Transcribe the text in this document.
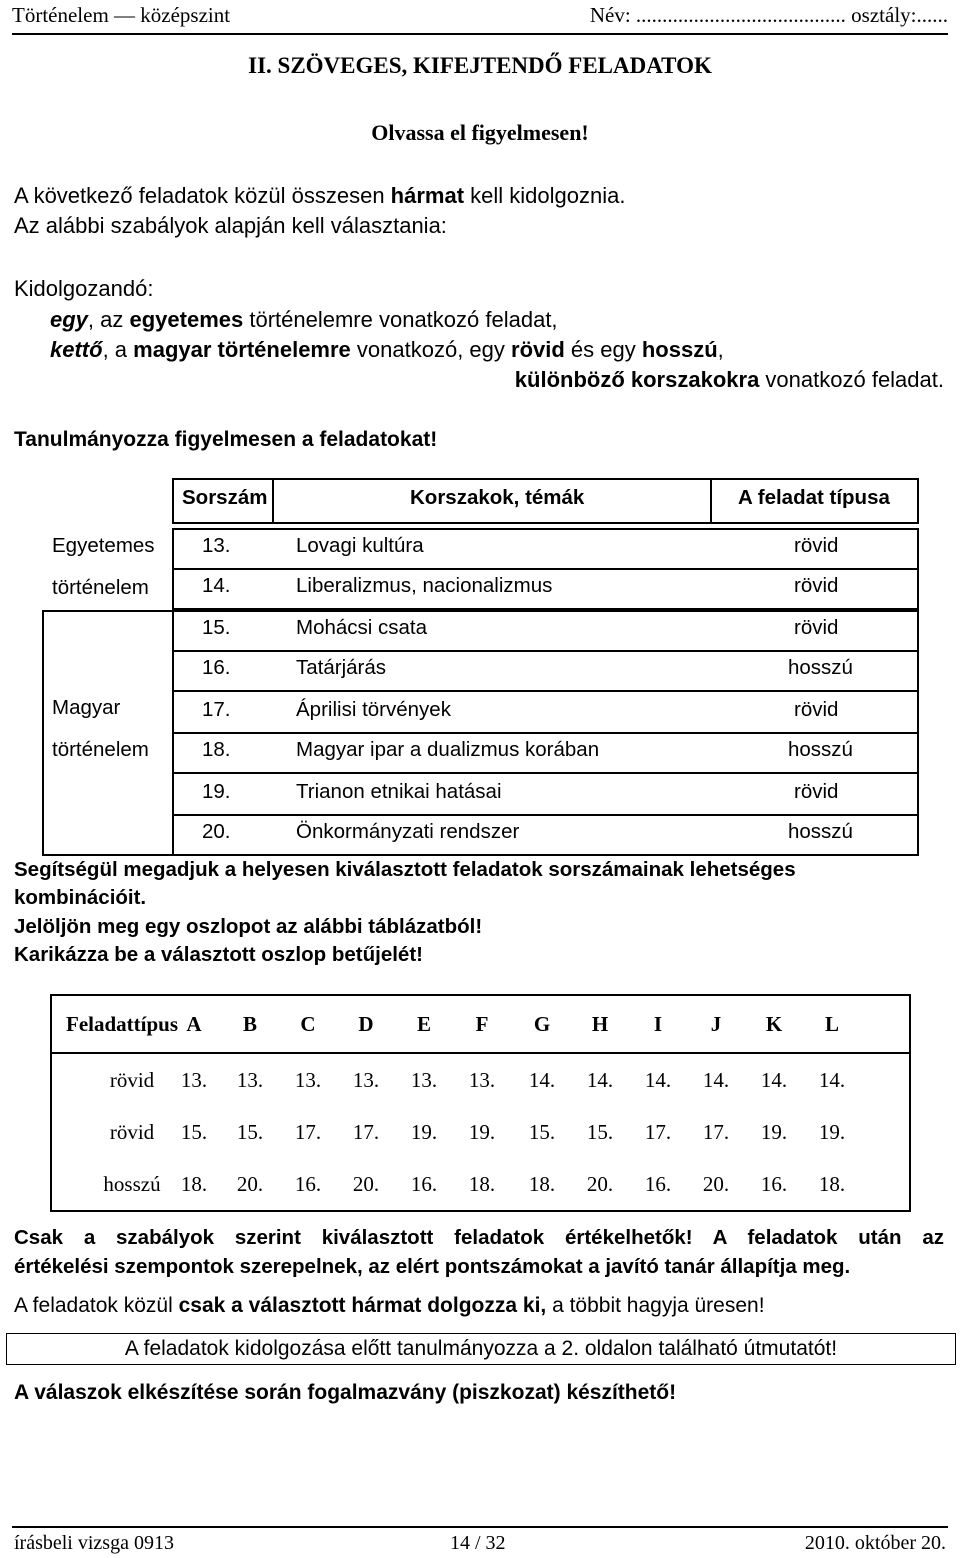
Történelem — középszint	Név: ........................................ osztály:......
II. SZÖVEGES, KIFEJTENDŐ FELADATOK
Olvassa el figyelmesen!
A következő feladatok közül összesen hármat kell kidolgoznia.
Az alábbi szabályok alapján kell választania:
Kidolgozandó:
egy, az egyetemes történelemre vonatkozó feladat,
kettő, a magyar történelemre vonatkozó, egy rövid és egy hosszú,
különböző korszakokra vonatkozó feladat.
Tanulmányozza figyelmesen a feladatokat!
Sorszám	Korszakok, témák	A feladat típusa
Egyetemes
történelem
Magyar
történelem
13.	Lovagi kultúra	rövid
14.	Liberalizmus, nacionalizmus	rövid
15.	Mohácsi csata	rövid
16.	Tatárjárás	hosszú
17.	Áprilisi törvények	rövid
18.	Magyar ipar a dualizmus korában	hosszú
19.	Trianon etnikai hatásai	rövid
20.	Önkormányzati rendszer	hosszú
Segítségül megadjuk a helyesen kiválasztott feladatok sorszámainak lehetséges
kombinációit.
Jelöljön meg egy oszlopot az alábbi táblázatból!
Karikázza be a választott oszlop betűjelét!
Feladattípus A	B	C	D	E	F	G H	I	J	K	L
rövid	13. 13. 13. 13. 13. 13. 14. 14. 14. 14. 14. 14.
rövid	15. 15. 17. 17. 19. 19. 15. 15. 17. 17. 19. 19.
hosszú 18. 20. 16. 20. 16. 18. 18. 20. 16. 20. 16. 18.
Csak a szabályok szerint kiválasztott feladatok értékelhetők! A feladatok után az
értékelési szempontok szerepelnek, az elért pontszámokat a javító tanár állapítja meg.
A feladatok közül csak a választott hármat dolgozza ki, a többit hagyja üresen!
A feladatok kidolgozása előtt tanulmányozza a 2. oldalon található útmutatót!
A válaszok elkészítése során fogalmazvány (piszkozat) készíthető!
írásbeli vizsga 0913	14 / 32	2010. október 20.
